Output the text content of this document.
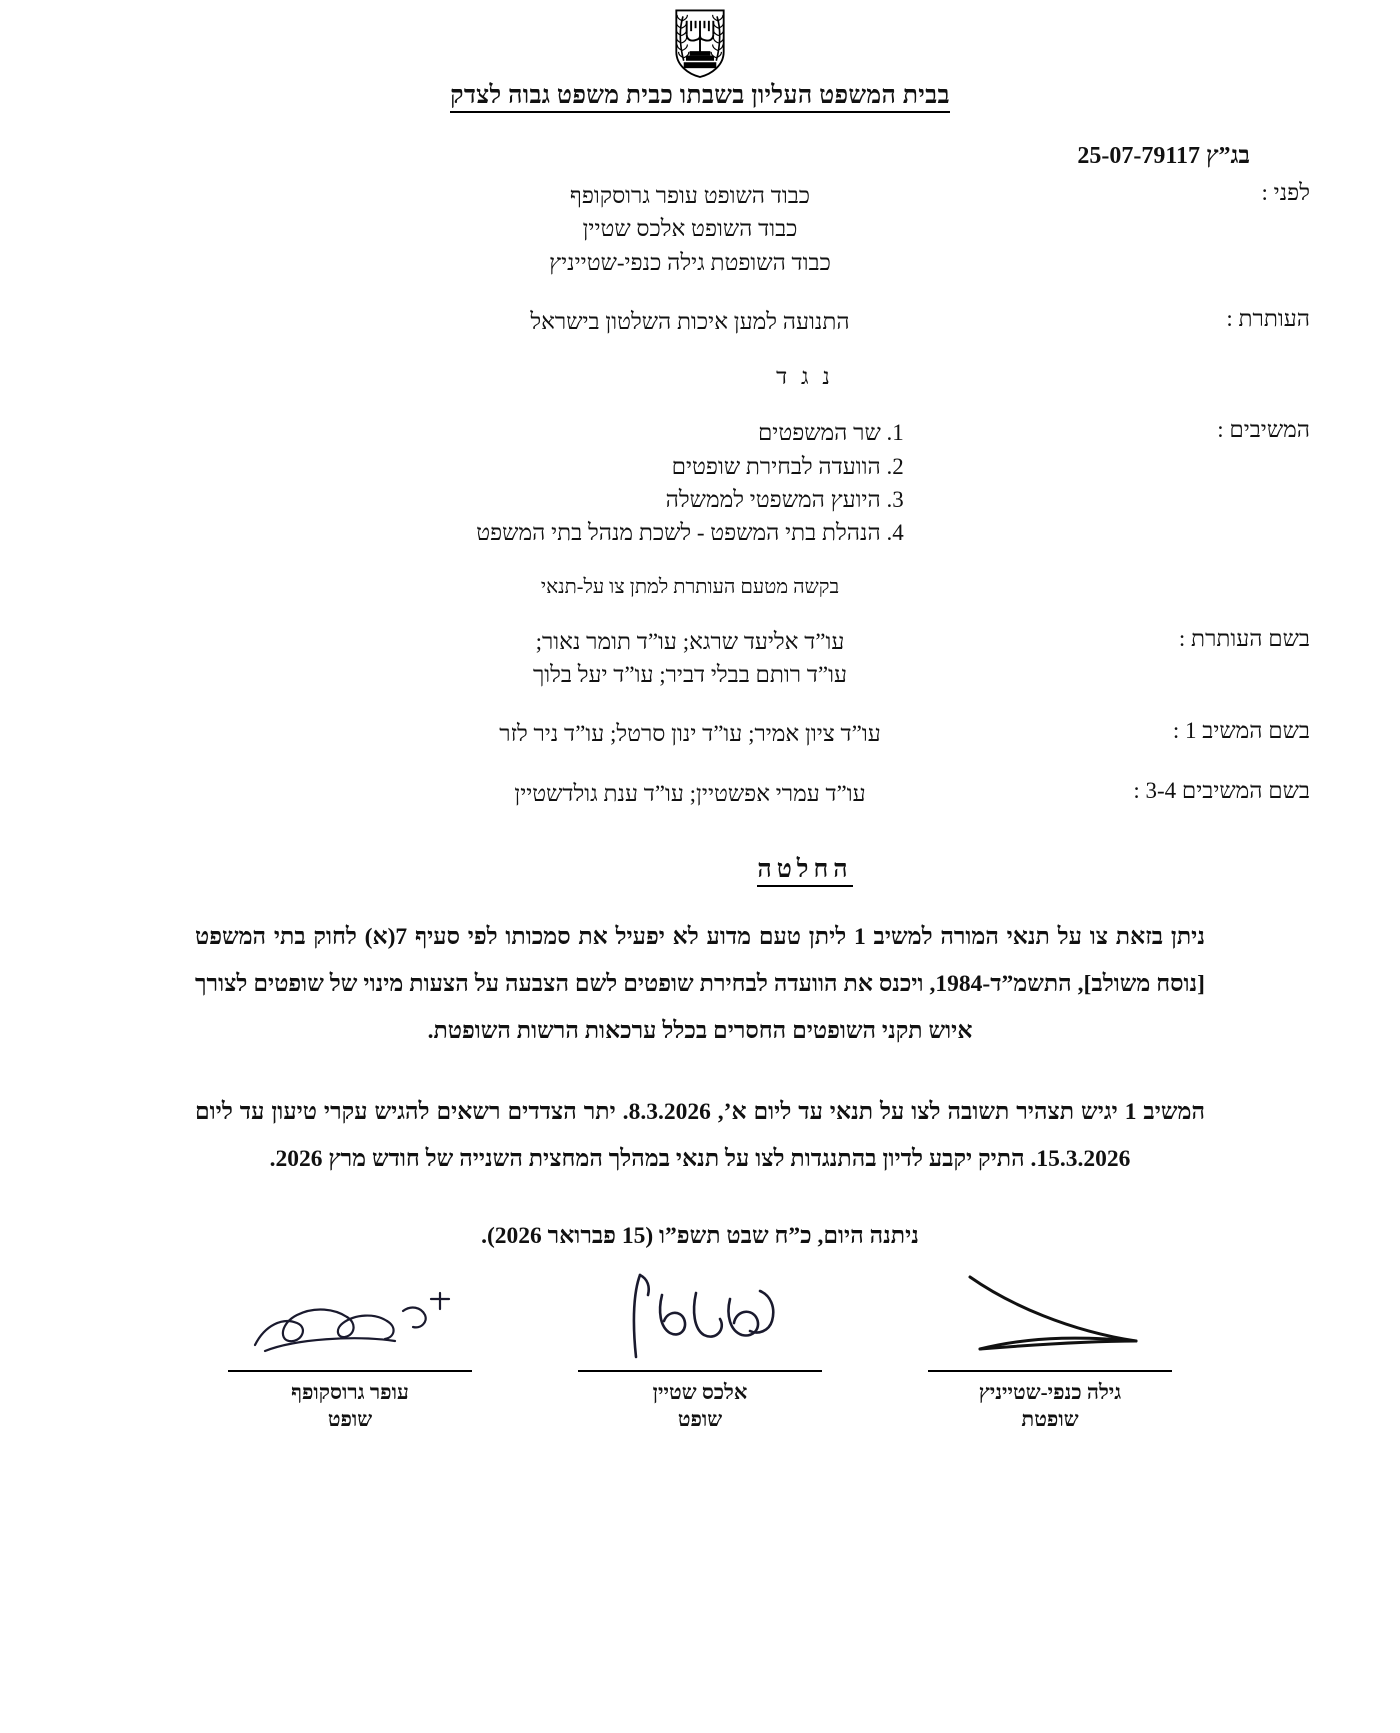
בבית המשפט העליון בשבתו כבית משפט גבוה לצדק
בג”ץ 25-07-79117
לפני :
כבוד השופט עופר גרוסקופף
כבוד השופט אלכס שטיין
כבוד השופטת גילה כנפי-שטייניץ
העותרת :
התנועה למען איכות השלטון בישראל
נ ג ד
המשיבים :
1. שר המשפטים
2. הוועדה לבחירת שופטים
3. היועץ המשפטי לממשלה
4. הנהלת בתי המשפט - לשכת מנהל בתי המשפט
בקשה מטעם העותרת למתן צו על-תנאי
בשם העותרת :
עו”ד אליעד שרגא; עו”ד תומר נאור;
עו”ד רותם בבלי דביר; עו”ד יעל בלוך
בשם המשיב 1 :
עו”ד ציון אמיר; עו”ד ינון סרטל; עו”ד ניר לזר
בשם המשיבים 3-4 :
עו”ד עמרי אפשטיין; עו”ד ענת גולדשטיין
החלטה

ניתן בזאת צו על תנאי המורה למשיב 1 ליתן טעם מדוע לא יפעיל את סמכותו לפי סעיף 7(א) לחוק בתי המשפט [נוסח משולב], התשמ”ד-1984, ויכנס את הוועדה לבחירת שופטים לשם הצבעה על הצעות מינוי של שופטים לצורך איוש תקני השופטים החסרים בכלל ערכאות הרשות השופטת.

המשיב 1 יגיש תצהיר תשובה לצו על תנאי עד ליום א’, 8.3.2026. יתר הצדדים רשאים להגיש עקרי טיעון עד ליום 15.3.2026. התיק יקבע לדיון בהתנגדות לצו על תנאי במהלך המחצית השנייה של חודש מרץ 2026.

ניתנה היום, כ”ח שבט תשפ”ו (15 פברואר 2026).
עופר גרוסקופף
שופט
אלכס שטיין
שופט
גילה כנפי-שטייניץ
שופטת
